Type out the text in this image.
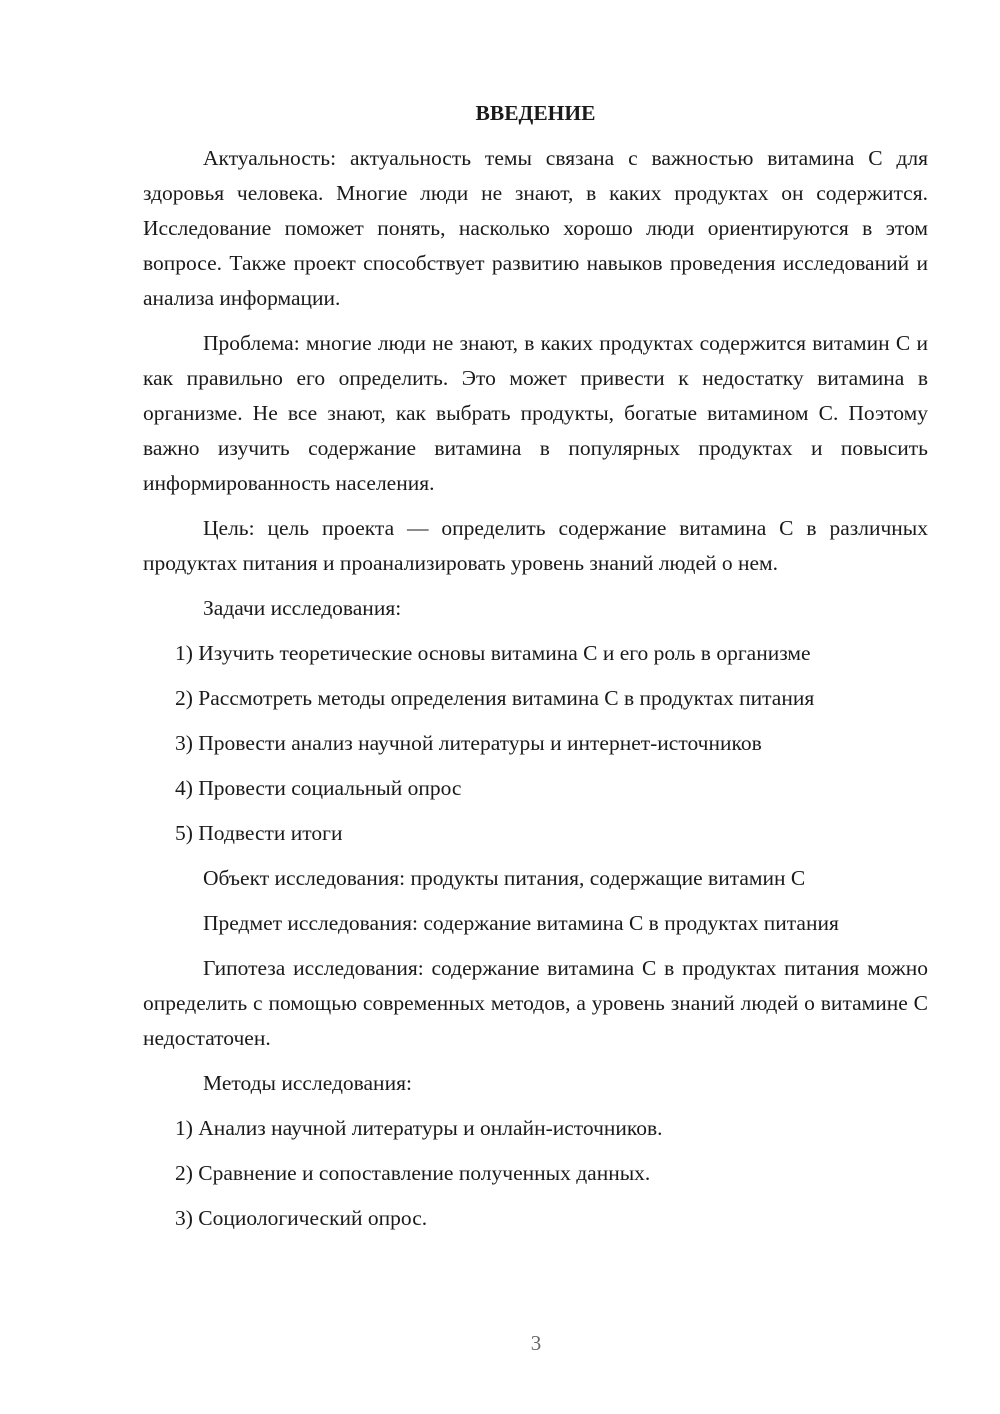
ВВЕДЕНИЕ
Актуальность: актуальность темы связана с важностью витамина С для здоровья человека. Многие люди не знают, в каких продуктах он содержится. Исследование поможет понять, насколько хорошо люди ориентируются в этом вопросе. Также проект способствует развитию навыков проведения исследований и анализа информации.
Проблема: многие люди не знают, в каких продуктах содержится витамин С и как правильно его определить. Это может привести к недостатку витамина в организме. Не все знают, как выбрать продукты, богатые витамином С. Поэтому важно изучить содержание витамина в популярных продуктах и повысить информированность населения.
Цель: цель проекта — определить содержание витамина С в различных продуктах питания и проанализировать уровень знаний людей о нем.
Задачи исследования:
1) Изучить теоретические основы витамина С и его роль в организме
2) Рассмотреть методы определения витамина С в продуктах питания
3) Провести анализ научной литературы и интернет-источников
4) Провести социальный опрос
5) Подвести итоги
Объект исследования: продукты питания, содержащие витамин С
Предмет исследования: содержание витамина С в продуктах питания
Гипотеза исследования: содержание витамина С в продуктах питания можно определить с помощью современных методов, а уровень знаний людей о витамине С недостаточен.
Методы исследования:
1) Анализ научной литературы и онлайн-источников.
2) Сравнение и сопоставление полученных данных.
3) Социологический опрос.
3
